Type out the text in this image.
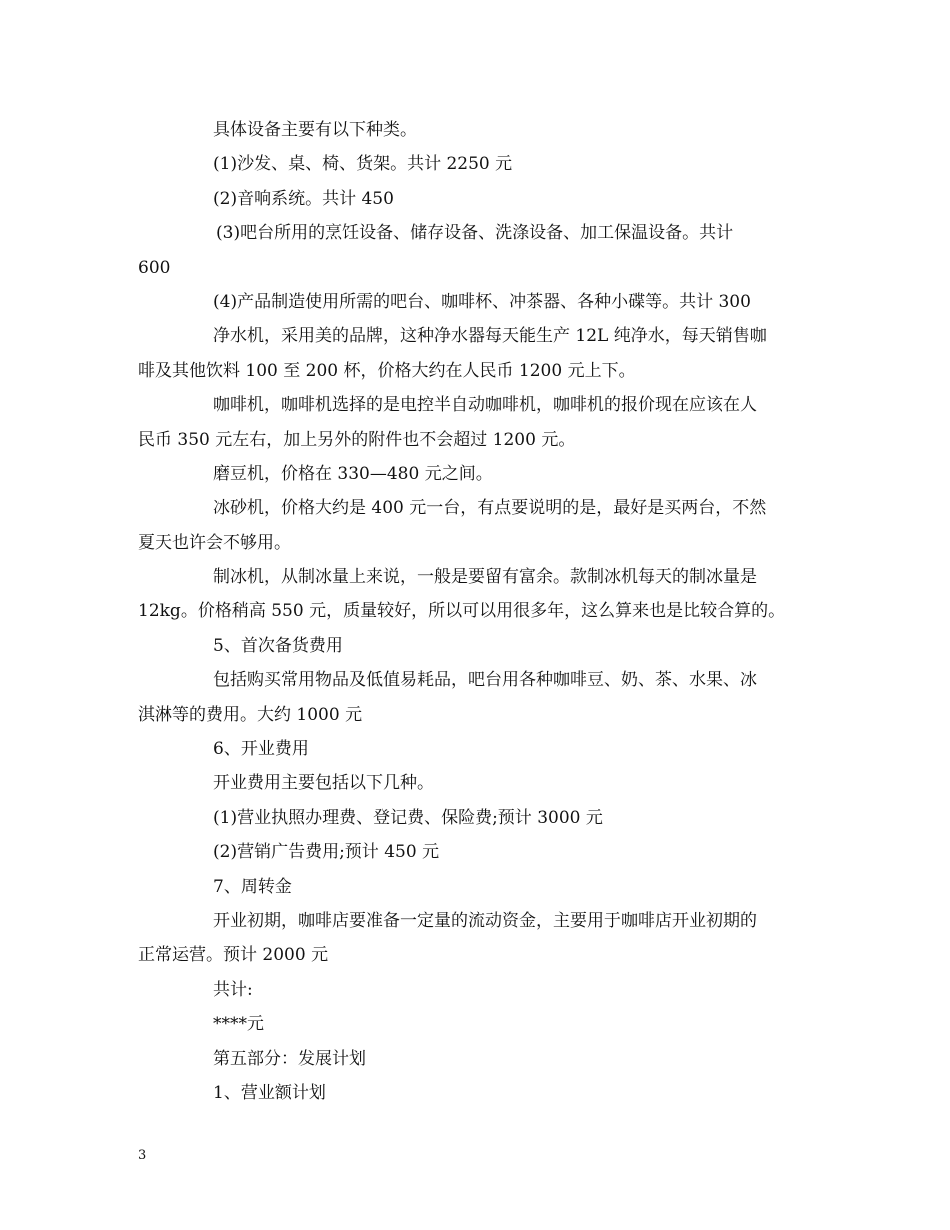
具体设备主要有以下种类。
(1)沙发、桌、椅、货架。共计 2250 元
(2)音响系统。共计 450
(3)吧台所用的烹饪设备、储存设备、洗涤设备、加工保温设备。共计
600
(4)产品制造使用所需的吧台、咖啡杯、冲茶器、各种小碟等。共计 300
净水机，采用美的品牌，这种净水器每天能生产 12L 纯净水，每天销售咖
啡及其他饮料 100 至 200 杯，价格大约在人民币 1200 元上下。
咖啡机，咖啡机选择的是电控半自动咖啡机，咖啡机的报价现在应该在人
民币 350 元左右，加上另外的附件也不会超过 1200 元。
磨豆机，价格在 330—480 元之间。
冰砂机，价格大约是 400 元一台，有点要说明的是，最好是买两台，不然
夏天也许会不够用。
制冰机，从制冰量上来说，一般是要留有富余。款制冰机每天的制冰量是
12kg。价格稍高 550 元，质量较好，所以可以用很多年，这么算来也是比较合算的。
5、首次备货费用
包括购买常用物品及低值易耗品，吧台用各种咖啡豆、奶、茶、水果、冰
淇淋等的费用。大约 1000 元
6、开业费用
开业费用主要包括以下几种。
(1)营业执照办理费、登记费、保险费;预计 3000 元
(2)营销广告费用;预计 450 元
7、周转金
开业初期，咖啡店要准备一定量的流动资金，主要用于咖啡店开业初期的
正常运营。预计 2000 元
共计:
****元
第五部分：发展计划
1、营业额计划
3
